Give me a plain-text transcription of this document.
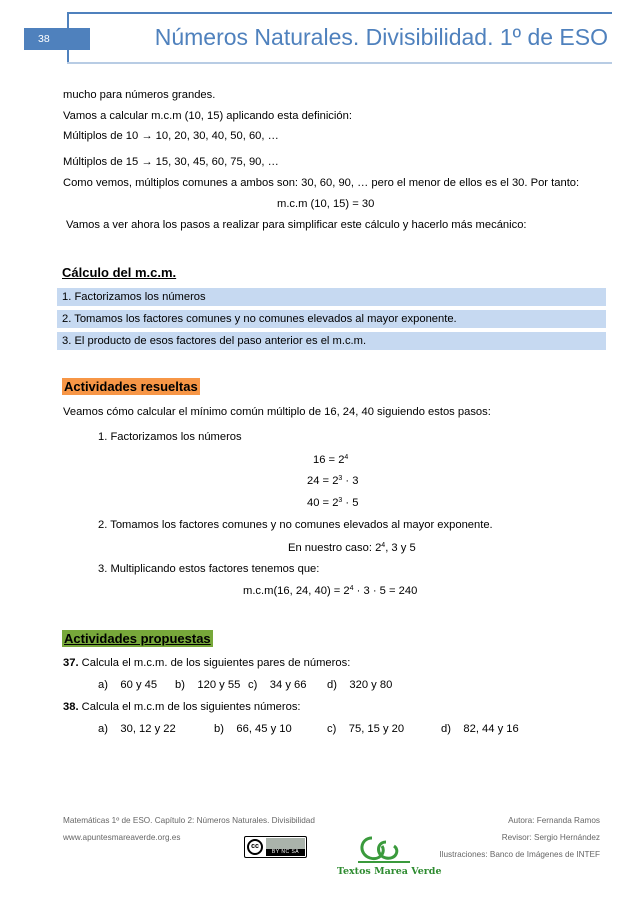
38	Números Naturales. Divisibilidad. 1º de ESO
mucho para números grandes.
Vamos a calcular m.c.m (10, 15) aplicando esta definición:
Múltiplos de 10 → 10, 20, 30, 40, 50, 60, …
Múltiplos de 15 → 15, 30, 45, 60, 75, 90, …
Como vemos, múltiplos comunes a ambos son: 30, 60, 90, … pero el menor de ellos es el 30. Por tanto:
m.c.m (10, 15) = 30
Vamos a ver ahora los pasos a realizar para simplificar este cálculo y hacerlo más mecánico:
Cálculo del m.c.m.
1. Factorizamos los números
2. Tomamos los factores comunes y no comunes elevados al mayor exponente.
3. El producto de esos factores del paso anterior es el m.c.m.
Actividades resueltas
Veamos cómo calcular el mínimo común múltiplo de 16, 24, 40 siguiendo estos pasos:
1. Factorizamos los números
$16 = 2^4$
$24 = 2^3 \cdot 3$
$40 = 2^3 \cdot 5$
2. Tomamos los factores comunes y no comunes elevados al mayor exponente.
En nuestro caso: $2^4$, 3 y 5
3. Multiplicando estos factores tenemos que:
m.c.m(16, 24, $40) = 2^4 \cdot 3 \cdot 5 = 240$
Actividades propuestas
37. Calcula el m.c.m. de los siguientes pares de números:
a) 60 y 45 b) 120 y 55 c) 34 y 66 d) 320 y 80
38. Calcula el m.c.m de los siguientes números:
a) 30, 12 y 22	b) 66, 45 y 10	c) 75, 15 y 20	d) 82, 44 y 16
Matemáticas 1º de ESO. Capítulo 2: Números Naturales. Divisibilidad
www.apuntesmareaverde.org.es
Autora: Fernanda Ramos
Revisor: Sergio Hernández
Ilustraciones: Banco de Imágenes de INTEF
cc
BY NC SA
Textos Marea Verde
